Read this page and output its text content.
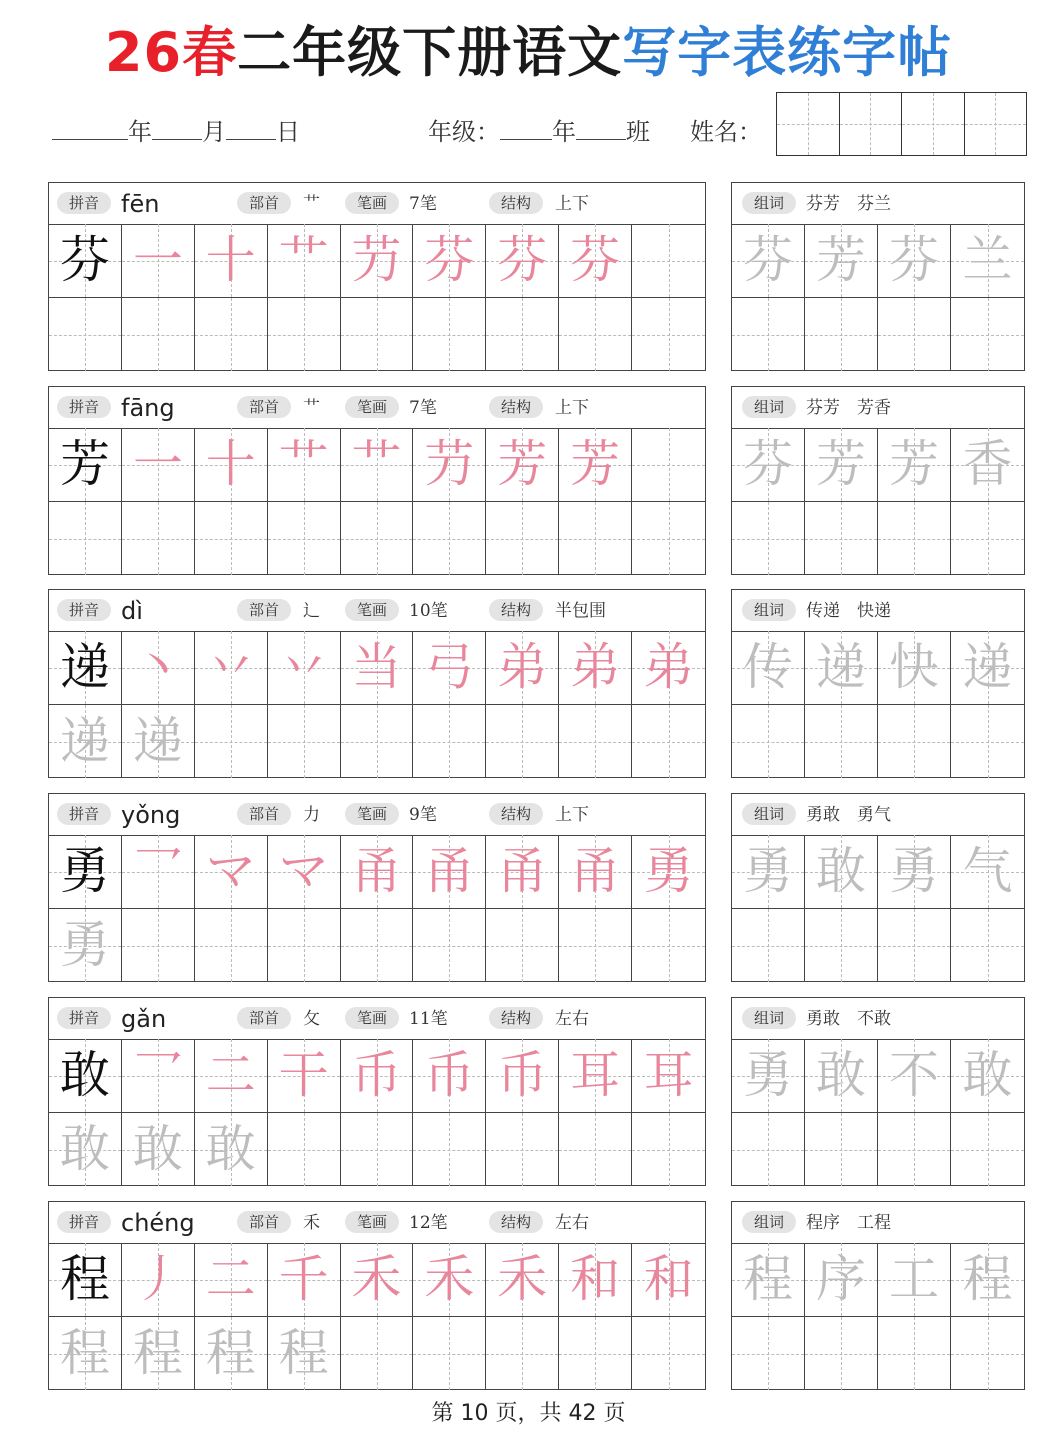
26春二年级下册语文写字表练字帖
年 月 日	年级： 年 班 姓名：
拼音 fēn	部首	艹	笔画	7笔	结构	上下
芬 一 十 艹 芀 芬 芬 芬
组词	芬芳　芬兰
芬 芳 芬 兰
拼音 fāng	部首	艹	笔画	7笔	结构	上下
芳 一 十 艹 艹 芀 芳 芳
组词	芬芳　芳香
芬 芳 芳 香
拼音 dì	部首	辶	笔画	10笔	结构	半包围
递 丶 丷 丷 当 弓 弟 弟 弟
递 递
组词	传递　快递
传 递 快 递
拼音 yǒng	部首	力	笔画	9笔	结构	上下
勇 乛 マ マ 甬 甬 甬 甬 勇
勇
组词	勇敢　勇气
勇 敢 勇 气
拼音 gǎn	部首	攵	笔画	11笔	结构	左右
敢 乛 二 干 币 币 币 耳 耳
敢 敢 敢
组词	勇敢　不敢
勇 敢 不 敢
拼音 chéng	部首	禾	笔画	12笔	结构	左右
程 丿 二 千 禾 禾 禾 和 和
程 程 程 程
组词	程序　工程
程 序 工 程
第 10 页，共 42 页
